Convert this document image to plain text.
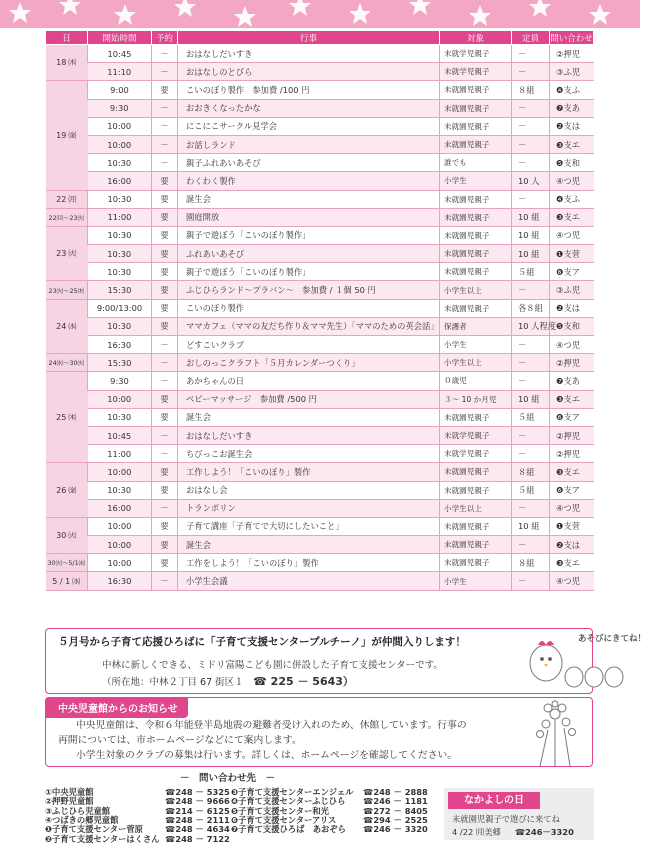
日	開始時間	予約	行事	対象	定員	問い合わせ
18 ㈭	10:45	－	おはなしだいすき	未就学児親子	－	②押児
	11:10	－	おはなしのとびら	未就学児親子	－	③ふ児
19 ㈮	9:00	要	こいのぼり製作　参加費 /100 円	未就園児親子	８組	❹支ふ
	9:30	－	おおきくなったかな	未就園児親子	－	❼支あ
	10:00	－	にこにこサークル見学会	未就園児親子	－	❷支は
	10:00	－	お話しランド	未就園児親子	－	❸支エ
	10:30	－	親子ふれあいあそび	誰でも	－	❺支和
	16:00	要	わくわく製作	小学生	10 人	④つ児
22 ㈪	10:30	要	誕生会	未就園児親子	－	❹支ふ
22㈪～23㈫	11:00	要	園庭開放	未就園児親子	10 組	❸支エ
23 ㈫	10:30	要	親子で遊ぼう「こいのぼり製作」	未就園児親子	10 組	④つ児
	10:30	要	ふれあいあそび	未就園児親子	10 組	❶支菅
	10:30	要	親子で遊ぼう「こいのぼり製作」	未就園児親子	５組	❻支ア
23㈫～25㈭	15:30	要	ふじひらランド～プラバン～　参加費 / １個 50 円	小学生以上	－	③ふ児
24 ㈬	9:00/13:00	要	こいのぼり製作	未就園児親子	各８組	❷支は
	10:30	要	ママカフェ（ママの友だち作り＆ママ先生）「ママのための英会話」	保護者	10 人程度	❺支和
	16:30	－	どすこいクラブ	小学生	－	④つ児
24㈬～30㈫	15:30	－	おしのっこクラフト「５月カレンダーつくり」	小学生以上	－	②押児
25 ㈭	9:30	－	あかちゃんの日	０歳児	－	❼支あ
	10:00	要	ベビーマッサージ　参加費 /500 円	３～ 10 か月児	10 組	❸支エ
	10:30	要	誕生会	未就園児親子	５組	❻支ア
	10:45	－	おはなしだいすき	未就学児親子	－	②押児
	11:00	－	ちびっこお誕生会	未就学児親子	－	②押児
26 ㈮	10:00	要	工作しよう！「こいのぼり」製作	未就園児親子	８組	❸支エ
	10:30	要	おはなし会	未就園児親子	５組	❻支ア
	16:00	－	トランポリン	小学生以上	－	④つ児
30 ㈫	10:00	要	子育て講座「子育てで大切にしたいこと」	未就園児親子	10 組	❶支菅
	10:00	要	誕生会	未就園児親子	－	❷支は
30㈫～5/1㈬	10:00	要	工作をしよう！「こいのぼり」製作	未就園児親子	８組	❸支エ
5 / 1 ㈬	16:30	－	小学生会議	小学生	－	④つ児
５月号から子育て応援ひろばに「子育て支援センタープルチーノ」が仲間入りします！
中林に新しくできる、ミドリ富陽こども園に併設した子育て支援センターです。
（所在地：中林２丁目 67 街区１　☎ 225 － 5643）
あそびにきてね！
中央児童館からのお知らせ
中央児童館は、令和６年能登半島地震の避難者受け入れのため、休館しています。行事の
再開については、市ホームページなどにて案内します。
小学生対象のクラブの募集は行います。詳しくは、ホームページを確認してください。
－　問い合わせ先　－
①中央児童館	☎248 － 5325
②押野児童館	☎248 － 9666
③ふじひら児童館	☎214 － 6125
④つばきの郷児童館	☎248 － 2111
❶子育て支援センター菅原	☎248 － 4634
❷子育て支援センターはくさん ☎248 － 7122
❸子育て支援センターエンジェル ☎248 － 2888
❹子育て支援センターふじひら ☎246 － 1181
❺子育て支援センター和光	☎272 － 8405
❻子育て支援センターアリス	☎294 － 2525
❼子育て支援ひろば　あおぞら ☎246 － 3320
なかよしの日
未就園児親子で遊びに来てね
4 /22 ㈪美郷 ☎246－3320
